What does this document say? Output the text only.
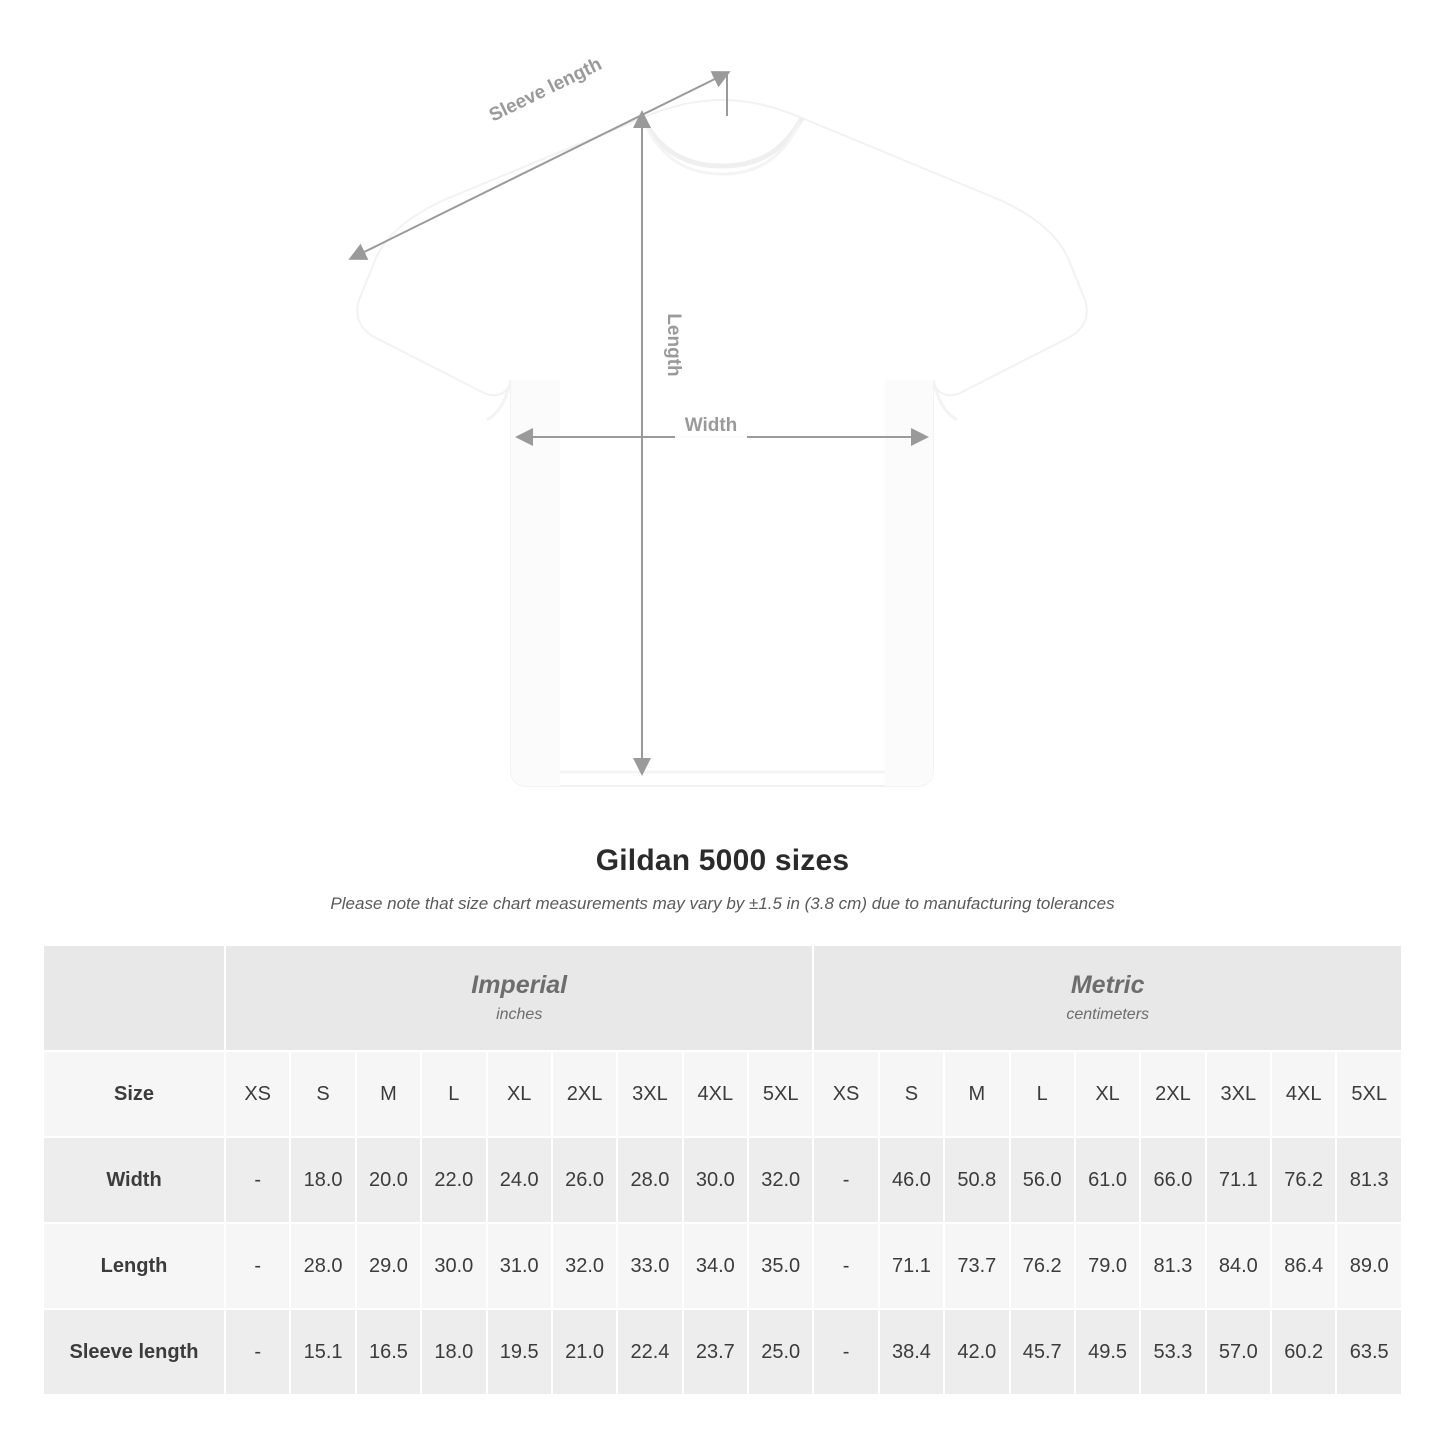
Length
Width
Sleeve length
Gildan 5000 sizes

Please note that size chart measurements may vary by ±1.5 in (3.8 cm) due to manufacturing tolerances

Imperial
inches

Metric
centimeters

Size	XS	S	M	L	XL	2XL	3XL	4XL	5XL	XS	S	M	L	XL	2XL	3XL	4XL	5XL
Width	-	18.0	20.0	22.0	24.0	26.0	28.0	30.0	32.0	-	46.0	50.8	56.0	61.0	66.0	71.1	76.2	81.3
Length	-	28.0	29.0	30.0	31.0	32.0	33.0	34.0	35.0	-	71.1	73.7	76.2	79.0	81.3	84.0	86.4	89.0
Sleeve length	-	15.1	16.5	18.0	19.5	21.0	22.4	23.7	25.0	-	38.4	42.0	45.7	49.5	53.3	57.0	60.2	63.5
